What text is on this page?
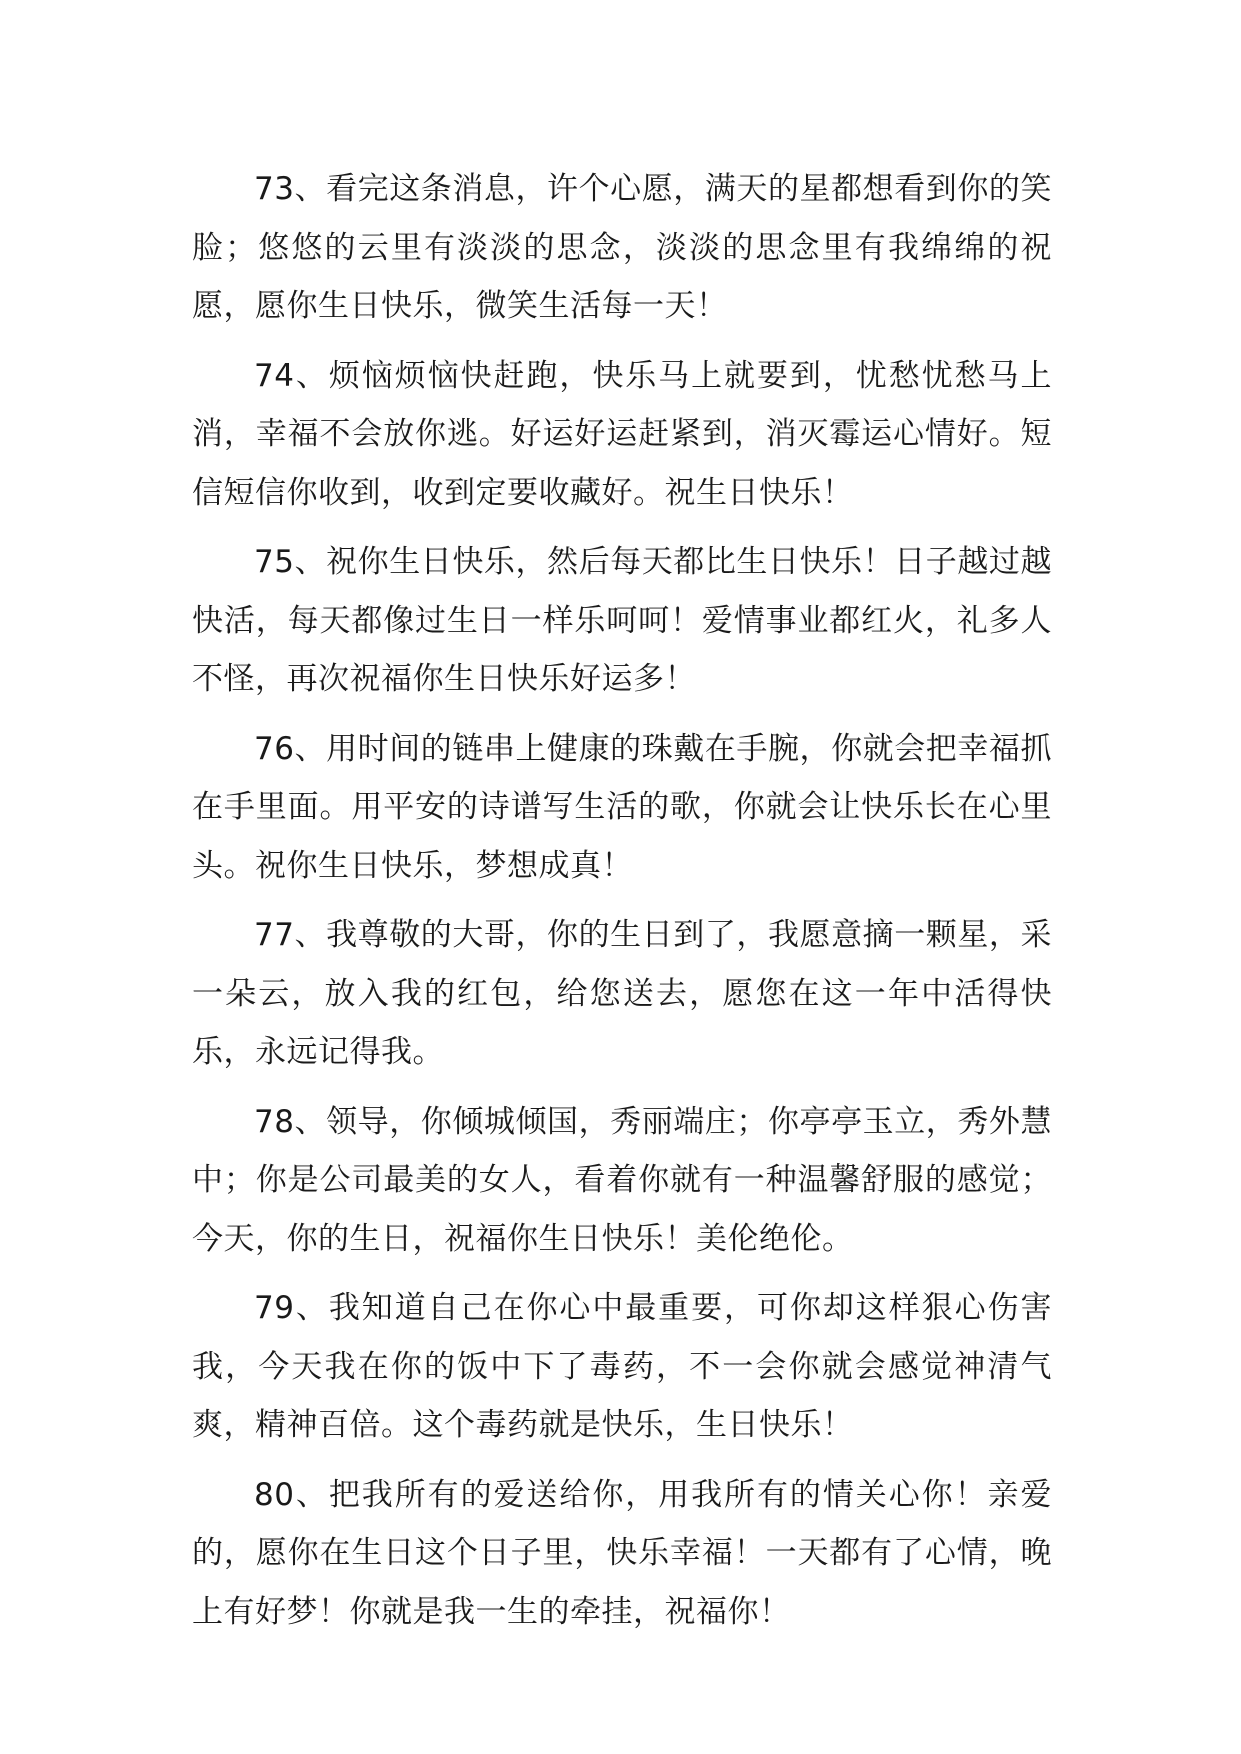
73、看完这条消息，许个心愿，满天的星都想看到你的笑脸；悠悠的云里有淡淡的思念，淡淡的思念里有我绵绵的祝愿，愿你生日快乐，微笑生活每一天！

74、烦恼烦恼快赶跑，快乐马上就要到，忧愁忧愁马上消，幸福不会放你逃。好运好运赶紧到，消灭霉运心情好。短信短信你收到，收到定要收藏好。祝生日快乐！

75、祝你生日快乐，然后每天都比生日快乐！日子越过越快活，每天都像过生日一样乐呵呵！爱情事业都红火，礼多人不怪，再次祝福你生日快乐好运多！

76、用时间的链串上健康的珠戴在手腕，你就会把幸福抓在手里面。用平安的诗谱写生活的歌，你就会让快乐长在心里头。祝你生日快乐，梦想成真！

77、我尊敬的大哥，你的生日到了，我愿意摘一颗星，采一朵云，放入我的红包，给您送去，愿您在这一年中活得快乐，永远记得我。

78、领导，你倾城倾国，秀丽端庄；你亭亭玉立，秀外慧中；你是公司最美的女人，看着你就有一种温馨舒服的感觉；今天，你的生日，祝福你生日快乐！美伦绝伦。

79、我知道自己在你心中最重要，可你却这样狠心伤害我，今天我在你的饭中下了毒药，不一会你就会感觉神清气爽，精神百倍。这个毒药就是快乐，生日快乐！

80、把我所有的爱送给你，用我所有的情关心你！亲爱的，愿你在生日这个日子里，快乐幸福！一天都有了心情，晚上有好梦！你就是我一生的牵挂，祝福你！
